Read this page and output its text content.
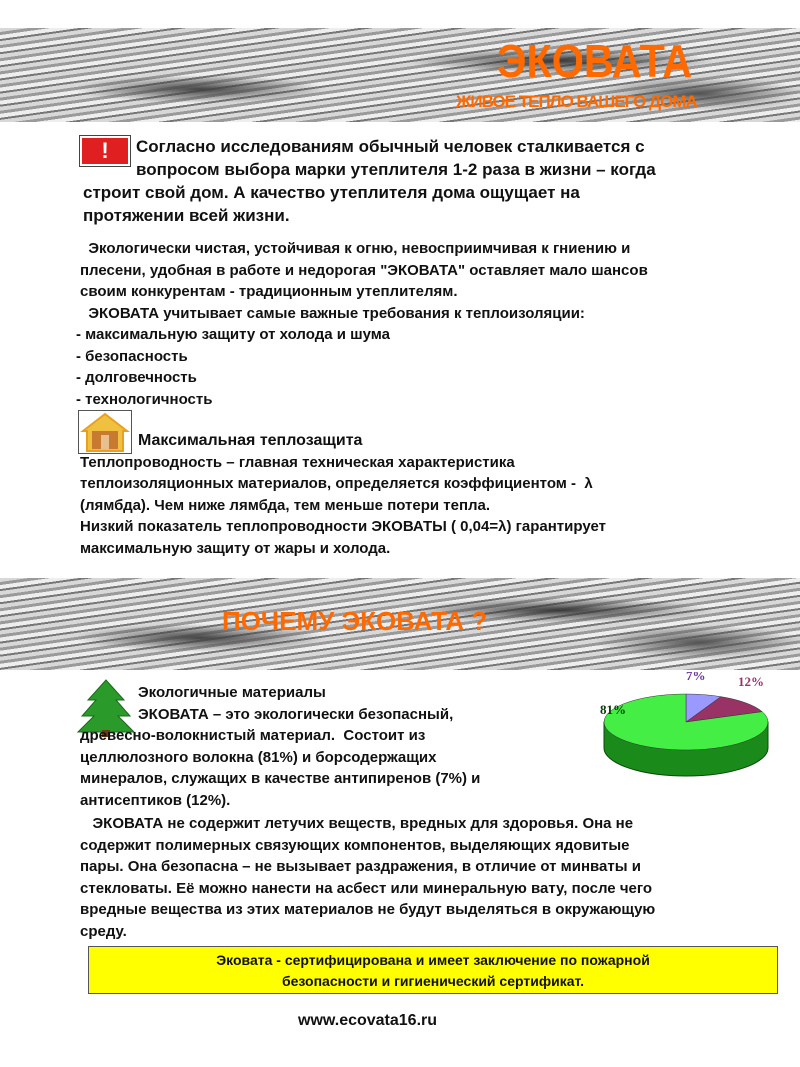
ЭКОВАТА
ЖИВОЕ ТЕПЛО ВАШЕГО ДОМА
!	Согласно исследованиям обычный человек сталкивается с
вопросом выбора марки утеплителя 1-2 раза в жизни – когда
строит свой дом. А качество утеплителя дома ощущает на
протяжении всей жизни.
Экологически чистая, устойчивая к огню, невосприимчивая к гниению и
плесени, удобная в работе и недорогая "ЭКОВАТА" оставляет мало шансов
своим конкурентам - традиционным утеплителям.
ЭКОВАТА учитывает самые важные требования к теплоизоляции:
- максимальную защиту от холода и шума
- безопасность
- долговечность
- технологичность
Максимальная теплозащита
Теплопроводность – главная техническая характеристика
теплоизоляционных материалов, определяется коэффициентом -  λ
(лямбда). Чем ниже лямбда, тем меньше потери тепла.
Низкий показатель теплопроводности ЭКОВАТЫ ( 0,04=λ) гарантирует
максимальную защиту от жары и холода.
ПОЧЕМУ ЭКОВАТА ?
Экологичные материалы
ЭКОВАТА – это экологически безопасный,
древесно-волокнистый материал.  Состоит из
целлюлозного волокна (81%) и борсодержащих
минералов, служащих в качестве антипиренов (7%) и
антисептиков (12%).
81%
7%	12%
ЭКОВАТА не содержит летучих веществ, вредных для здоровья. Она не
содержит полимерных связующих компонентов, выделяющих ядовитые
пары. Она безопасна – не вызывает раздражения, в отличие от минваты и
стекловаты. Её можно нанести на асбест или минеральную вату, после чего
вредные вещества из этих материалов не будут выделяться в окружающую
среду.
Эковата - сертифицирована и имеет заключение по пожарной
безопасности и гигиенический сертификат.
www.ecovata16.ru
